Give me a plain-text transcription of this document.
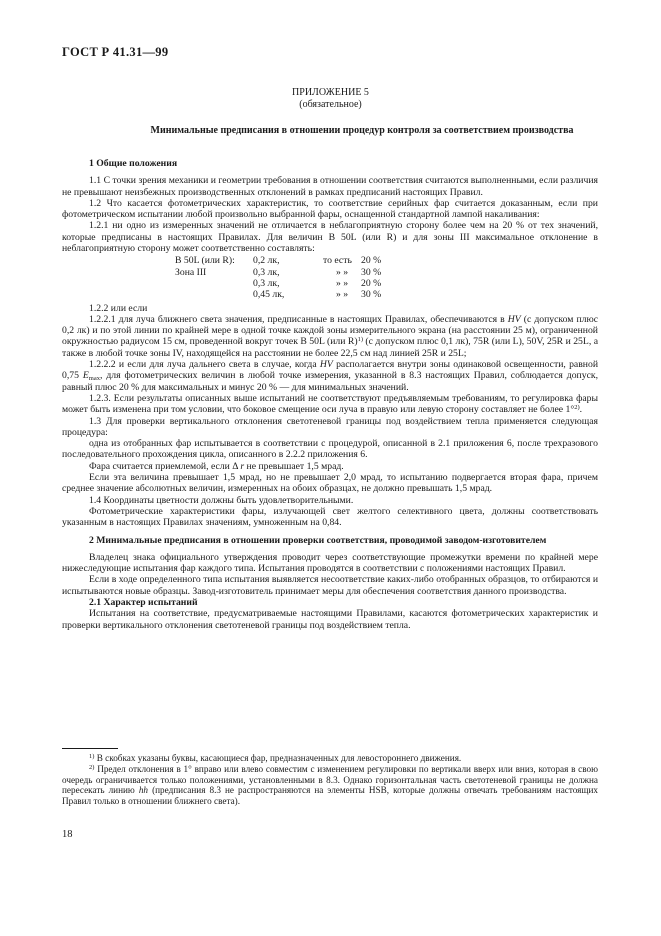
ГОСТ Р 41.31—99
ПРИЛОЖЕНИЕ 5
(обязательное)
Минимальные предписания в отношении процедур контроля за соответствием производства

1 Общие положения

1.1 С точки зрения механики и геометрии требования в отношении соответствия считаются выполненными, если различия не превышают неизбежных производственных отклонений в рамках предписаний настоящих Правил.

1.2 Что касается фотометрических характеристик, то соответствие серийных фар считается доказанным, если при фотометрическом испытании любой произвольно выбранной фары, оснащенной стандартной лампой накаливания:

1.2.1 ни одно из измеренных значений не отличается в неблагоприятную сторону более чем на 20 % от тех значений, которые предписаны в настоящих Правилах. Для величин В 50L (или R) и для зоны III максимальное отклонение в неблагоприятную сторону может соответственно составлять:

В 50L (или R):	0,2 лк,	то есть	20 %
Зона III	0,3 лк,	» »	30 %
	0,3 лк,	» »	20 %
	0,45 лк,	» »	30 %

1.2.2 или если

1.2.2.1 для луча ближнего света значения, предписанные в настоящих Правилах, обеспечиваются в HV (с допуском плюс 0,2 лк) и по этой линии по крайней мере в одной точке каждой зоны измерительного экрана (на расстоянии 25 м), ограниченной окружностью радиусом 15 см, проведенной вокруг точек В 50L (или R)$^{1)}$ (с допуском плюс 0,1 лк), 75R (или L), 50V, 25R и 25L, а также в любой точке зоны IV, находящейся на расстоянии не более 22,5 см над линией 25R и 25L;

1.2.2.2 и если для луча дальнего света в случае, когда HV располагается внутри зоны одинаковой освещенности, равной 0,75 $E_{max}$, для фотометрических величин в любой точке измерения, указанной в 8.3 настоящих Правил, соблюдается допуск, равный плюс 20 % для максимальных и минус 20 % — для минимальных значений.

1.2.3. Если результаты описанных выше испытаний не соответствуют предъявляемым требованиям, то регулировка фары может быть изменена при том условии, что боковое смещение оси луча в правую или левую сторону составляет не более 1°$^{2)}$.

1.3 Для проверки вертикального отклонения светотеневой границы под воздействием тепла применяется следующая процедура:

одна из отобранных фар испытывается в соответствии с процедурой, описанной в 2.1 приложения 6, после трехразового последовательного прохождения цикла, описанного в 2.2.2 приложения 6.

Фара считается приемлемой, если Δ r не превышает 1,5 мрад.

Если эта величина превышает 1,5 мрад, но не превышает 2,0 мрад, то испытанию подвергается вторая фара, причем среднее значение абсолютных величин, измеренных на обоих образцах, не должно превышать 1,5 мрад.

1.4 Координаты цветности должны быть удовлетворительными.

Фотометрические характеристики фары, излучающей свет желтого селективного цвета, должны соответствовать указанным в настоящих Правилах значениям, умноженным на 0,84.

2 Минимальные предписания в отношении проверки соответствия, проводимой заводом-изготовителем

Владелец знака официального утверждения проводит через соответствующие промежутки времени по крайней мере нижеследующие испытания фар каждого типа. Испытания проводятся в соответствии с положениями настоящих Правил.

Если в ходе определенного типа испытания выявляется несоответствие каких-либо отобранных образцов, то отбираются и испытываются новые образцы. Завод-изготовитель принимает меры для обеспечения соответствия данного производства.

2.1 Характер испытаний

Испытания на соответствие, предусматриваемые настоящими Правилами, касаются фотометрических характеристик и проверки вертикального отклонения светотеневой границы под воздействием тепла.

$^{1)}$ В скобках указаны буквы, касающиеся фар, предназначенных для левостороннего движения.

$^{2)}$ Предел отклонения в 1° вправо или влево совместим с изменением регулировки по вертикали вверх или вниз, которая в свою очередь ограничивается только положениями, установленными в 8.3. Однако горизонтальная часть светотеневой границы не должна пересекать линию hh (предписания 8.3 не распространяются на элементы HSB, которые должны отвечать требованиям настоящих Правил только в отношении ближнего света).

18
